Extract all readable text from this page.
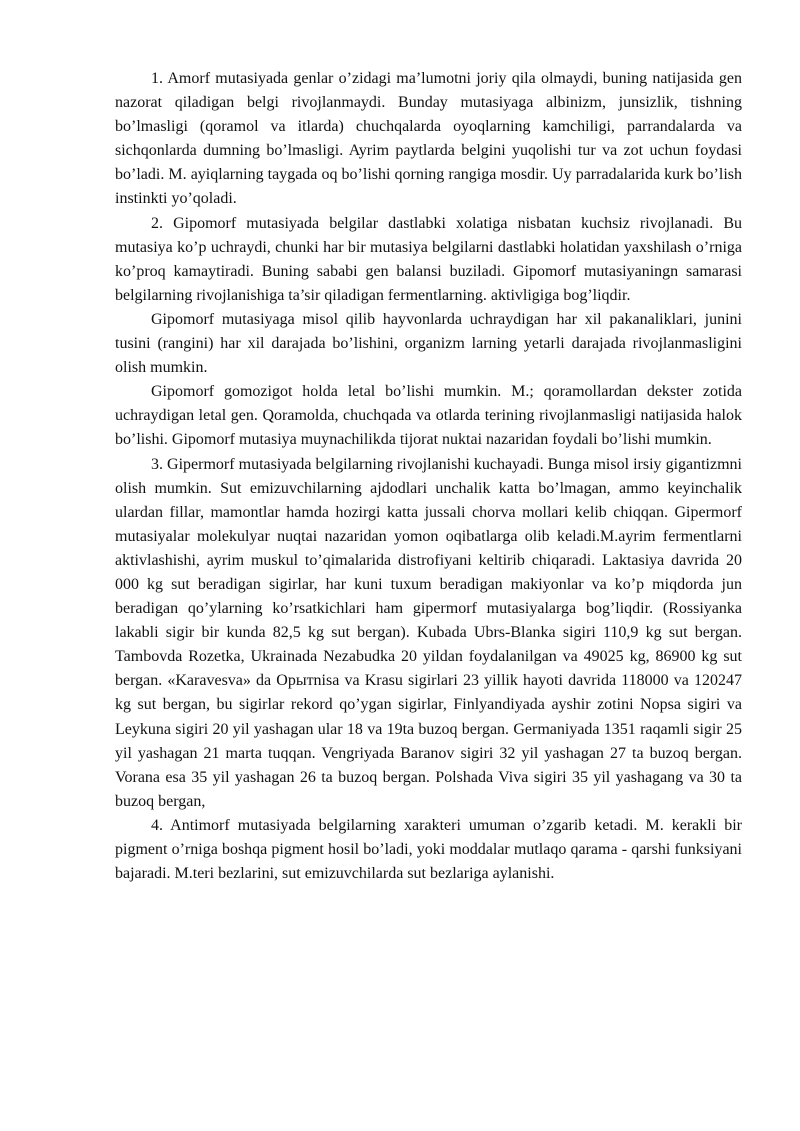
1. Amorf mutasiyada genlar o’zidagi ma’lumotni joriy qila olmaydi, buning natijasida gen nazorat qiladigan belgi rivojlanmaydi. Bunday mutasiyaga albinizm, junsizlik, tishning bo’lmasligi (qoramol va itlarda) chuchqalarda oyoqlarning kamchiligi, parrandalarda va sichqonlarda dumning bo’lmasligi. Ayrim paytlarda belgini yuqolishi tur va zot uchun foydasi bo’ladi. M. ayiqlarning taygada oq bo’lishi qorning rangiga mosdir. Uy parradalarida kurk bo’lish instinkti yo’qoladi.

2. Gipomorf mutasiyada belgilar dastlabki xolatiga nisbatan kuchsiz rivojlanadi. Bu mutasiya ko’p uchraydi, chunki har bir mutasiya belgilarni dastlabki holatidan yaxshilash o’rniga ko’proq kamaytiradi. Buning sababi gen balansi buziladi. Gipomorf mutasiyaningn samarasi belgilarning rivojlanishiga ta’sir qiladigan fermentlarning. aktivligiga bog’liqdir.

Gipomorf mutasiyaga misol qilib hayvonlarda uchraydigan har xil pakanaliklari, junini tusini (rangini) har xil darajada bo’lishini, organizm larning yetarli darajada rivojlanmasligini olish mumkin.

Gipomorf gomozigot holda letal bo’lishi mumkin. M.; qoramollardan dekster zotida uchraydigan letal gen. Qoramolda, chuchqada va otlarda terining rivojlanmasligi natijasida halok bo’lishi. Gipomorf mutasiya muynachilikda tijorat nuktai nazaridan foydali bo’lishi mumkin.

3. Gipermorf mutasiyada belgilarning rivojlanishi kuchayadi. Bunga misol irsiy gigantizmni olish mumkin. Sut emizuvchilarning ajdodlari unchalik katta bo’lmagan, ammo keyinchalik ulardan fillar, mamontlar hamda hozirgi katta jussali chorva mollari kelib chiqqan. Gipermorf mutasiyalar molekulyar nuqtai nazaridan yomon oqibatlarga olib keladi.M.ayrim fermentlarni aktivlashishi, ayrim muskul to’qimalarida distrofiyani keltirib chiqaradi. Laktasiya davrida 20 000 kg sut beradigan sigirlar, har kuni tuxum beradigan makiyonlar va ko’p miqdorda jun beradigan qo’ylarning ko’rsatkichlari ham gipermorf mutasiyalarga bog’liqdir. (Rossiyanka lakabli sigir bir kunda 82,5 kg sut bergan). Kubada Ubrs-Blanka sigiri 110,9 kg sut bergan. Tambovda Rozetka, Ukrainada Nezabudka 20 yildan foydalanilgan va 49025 kg, 86900 kg sut bergan. «Karavesva» da Opытnisa va Krasu sigirlari 23 yillik hayoti davrida 118000 va 120247 kg sut bergan, bu sigirlar rekord qo’ygan sigirlar, Finlyandiyada ayshir zotini Nopsa sigiri va Leykuna sigiri 20 yil yashagan ular 18 va 19ta buzoq bergan. Germaniyada 1351 raqamli sigir 25 yil yashagan 21 marta tuqqan. Vengriyada Baranov sigiri 32 yil yashagan 27 ta buzoq bergan. Vorana esa 35 yil yashagan 26 ta buzoq bergan. Polshada Viva sigiri 35 yil yashagang va 30 ta buzoq bergan,

4. Antimorf mutasiyada belgilarning xarakteri umuman o’zgarib ketadi. M. kerakli bir pigment o’rniga boshqa pigment hosil bo’ladi, yoki moddalar mutlaqo qarama - qarshi funksiyani bajaradi. M.teri bezlarini, sut emizuvchilarda sut bezlariga aylanishi.
